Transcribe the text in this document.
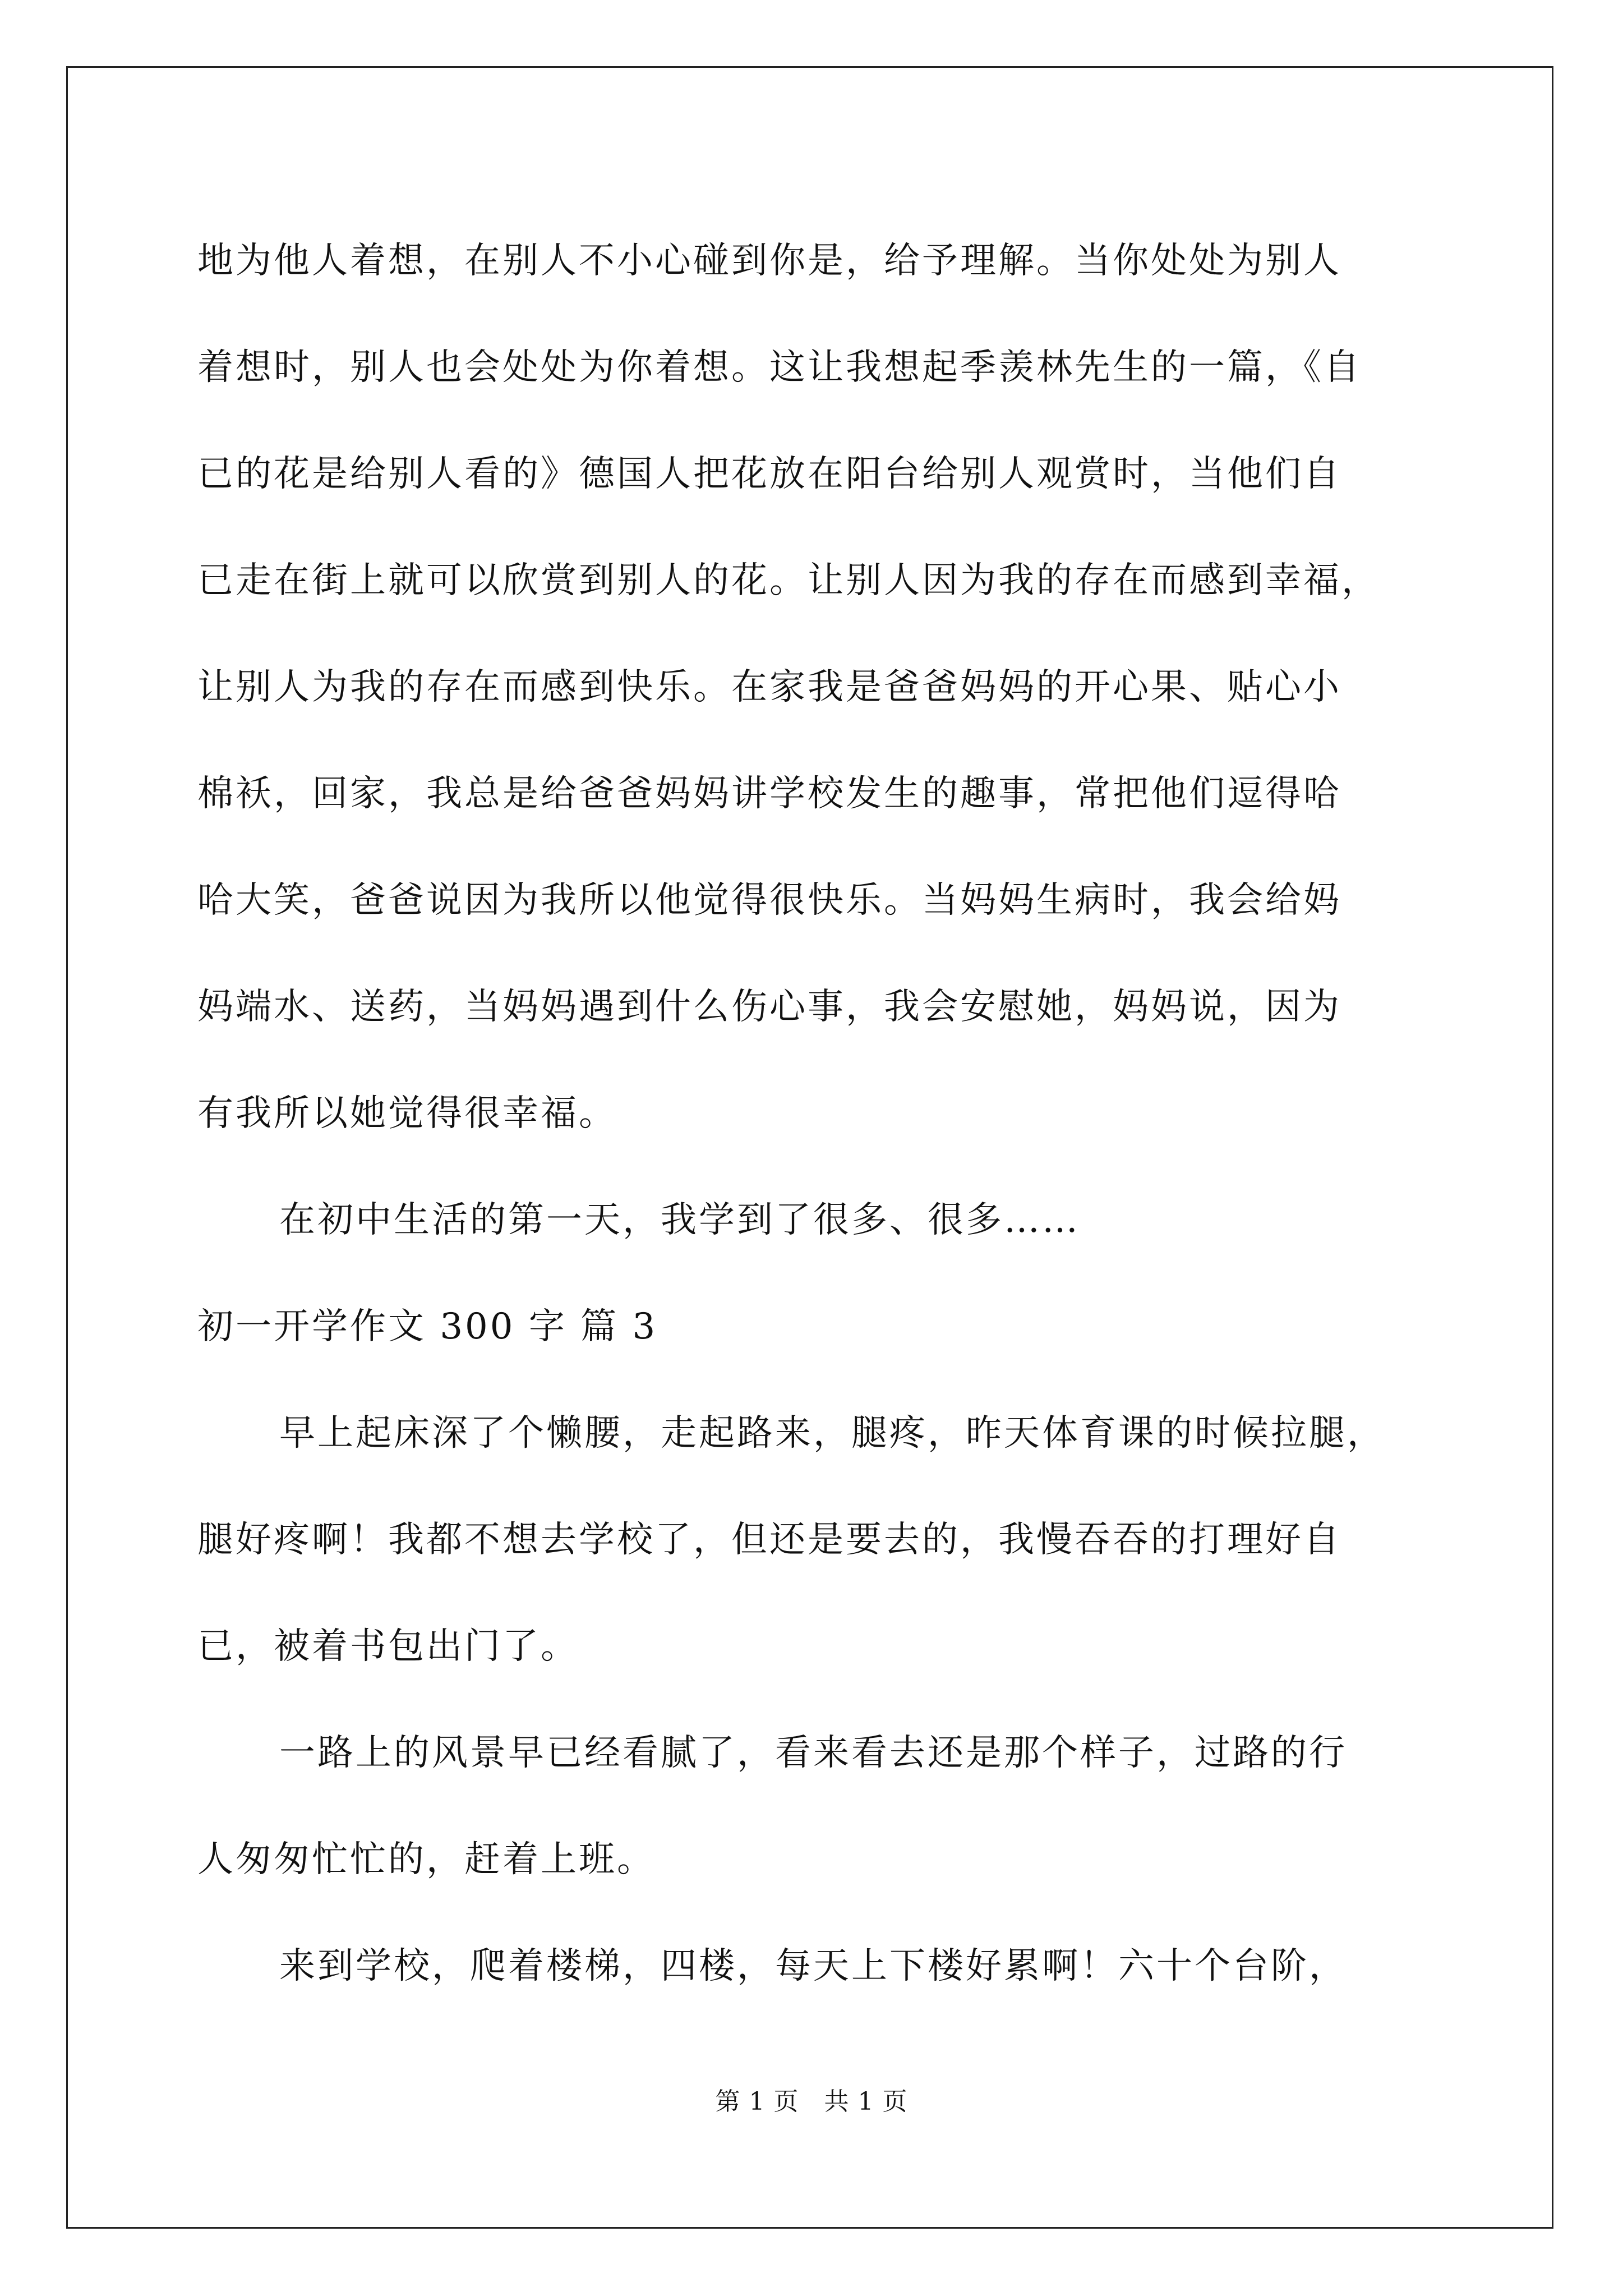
地为他人着想，在别人不小心碰到你是，给予理解。当你处处为别人
着想时，别人也会处处为你着想。这让我想起季羡林先生的一篇，《自
已的花是给别人看的》德国人把花放在阳台给别人观赏时，当他们自
已走在街上就可以欣赏到别人的花。让别人因为我的存在而感到幸福，
让别人为我的存在而感到快乐。在家我是爸爸妈妈的开心果、贴心小
棉袄，回家，我总是给爸爸妈妈讲学校发生的趣事，常把他们逗得哈
哈大笑，爸爸说因为我所以他觉得很快乐。当妈妈生病时，我会给妈
妈端水、送药，当妈妈遇到什么伤心事，我会安慰她，妈妈说，因为
有我所以她觉得很幸福。
在初中生活的第一天，我学到了很多、很多……
初一开学作文 300 字 篇 3
早上起床深了个懒腰，走起路来，腿疼，昨天体育课的时候拉腿，
腿好疼啊！我都不想去学校了，但还是要去的，我慢吞吞的打理好自
已，被着书包出门了。
一路上的风景早已经看腻了，看来看去还是那个样子，过路的行
人匆匆忙忙的，赶着上班。
来到学校，爬着楼梯，四楼，每天上下楼好累啊！六十个台阶，
第 1 页   共 1 页
